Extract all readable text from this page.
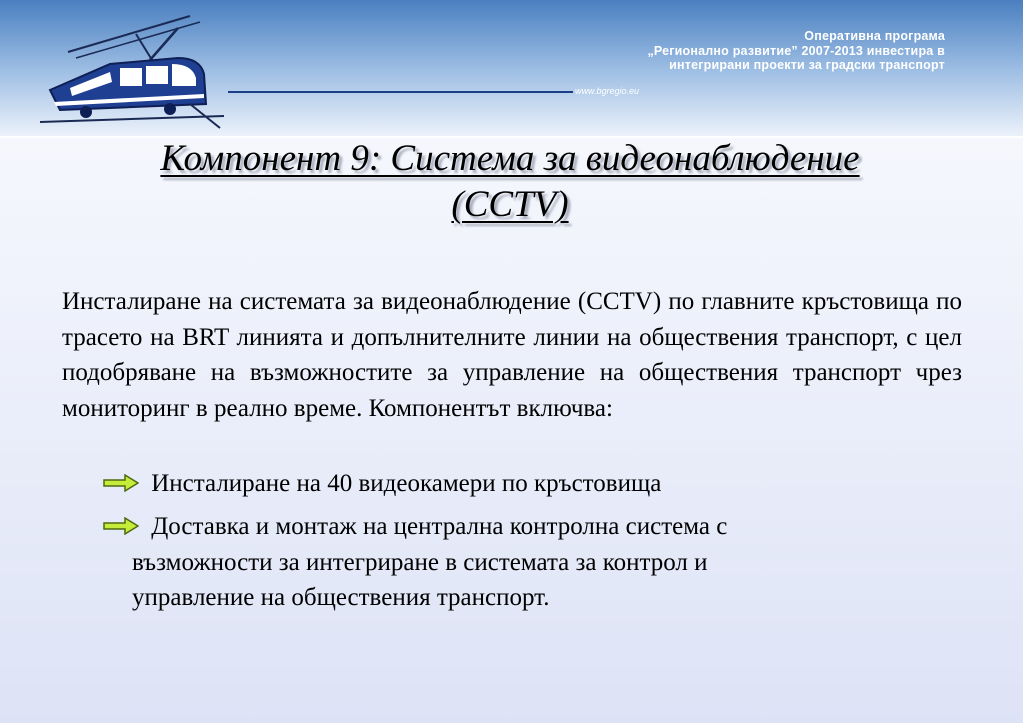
Оперативна програма
„Регионално развитие” 2007-2013 инвестира в
интегрирани проекти за градски транспорт
www.bgregio.eu
Компонент 9: Система за видеонаблюдение
(CCTV)

Инсталиране на системата за видеонаблюдение (CCTV) по главните кръстовища по трасето на BRT линията и допълнителните линии на обществения транспорт, с цел подобряване на възможностите за управление на обществения транспорт чрез мониторинг в реално време. Компонентът включва:

Инсталиране на 40 видеокамери по кръстовища
Доставка и монтаж на централна контролна система с
възможности за интегриране в системата за контрол и
управление на обществения транспорт.
